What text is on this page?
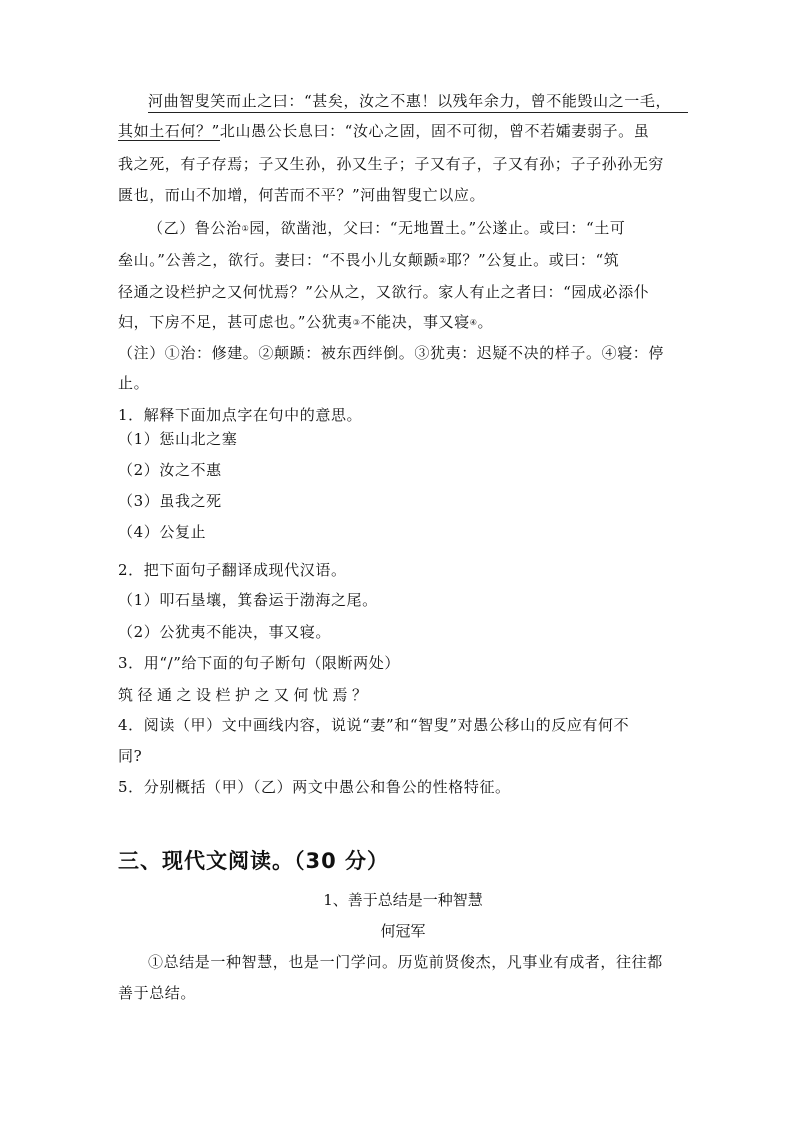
河曲智叟笑而止之曰：“甚矣，汝之不惠！以残年余力，曾不能毁山之一毛，
其如土石何？”北山愚公长息曰：“汝心之固，固不可彻，曾不若孀妻弱子。虽
我之死，有子存焉；子又生孙，孙又生子；子又有子，子又有孙；子子孙孙无穷
匮也，而山不加增，何苦而不平？”河曲智叟亡以应。
（乙）鲁公治①园，欲凿池，父曰：“无地置土。”公遂止。或曰：“土可
垒山。”公善之，欲行。妻曰：“不畏小儿女颠踬②耶？”公复止。或曰：“筑
径通之设栏护之又何忧焉？”公从之，又欲行。家人有止之者曰：“园成必添仆
妇，下房不足，甚可虑也。”公犹夷③不能决，事又寝④。
（注）①治：修建。②颠踬：被东西绊倒。③犹夷：迟疑不决的样子。④寝：停
止。
1．解释下面加点字在句中的意思。
（1）惩山北之塞
（2）汝之不惠
（3）虽我之死
（4）公复止
2．把下面句子翻译成现代汉语。
（1）叩石垦壤，箕畚运于渤海之尾。
（2）公犹夷不能决，事又寝。
3．用“/”给下面的句子断句（限断两处）
筑径通之设栏护之又何忧焉？
4．阅读（甲）文中画线内容，说说“妻”和“智叟”对愚公移山的反应有何不
同?
5．分别概括（甲）（乙）两文中愚公和鲁公的性格特征。
三、现代文阅读。（30 分）
1、善于总结是一种智慧
何冠军
①总结是一种智慧，也是一门学问。历览前贤俊杰，凡事业有成者，往往都
善于总结。
